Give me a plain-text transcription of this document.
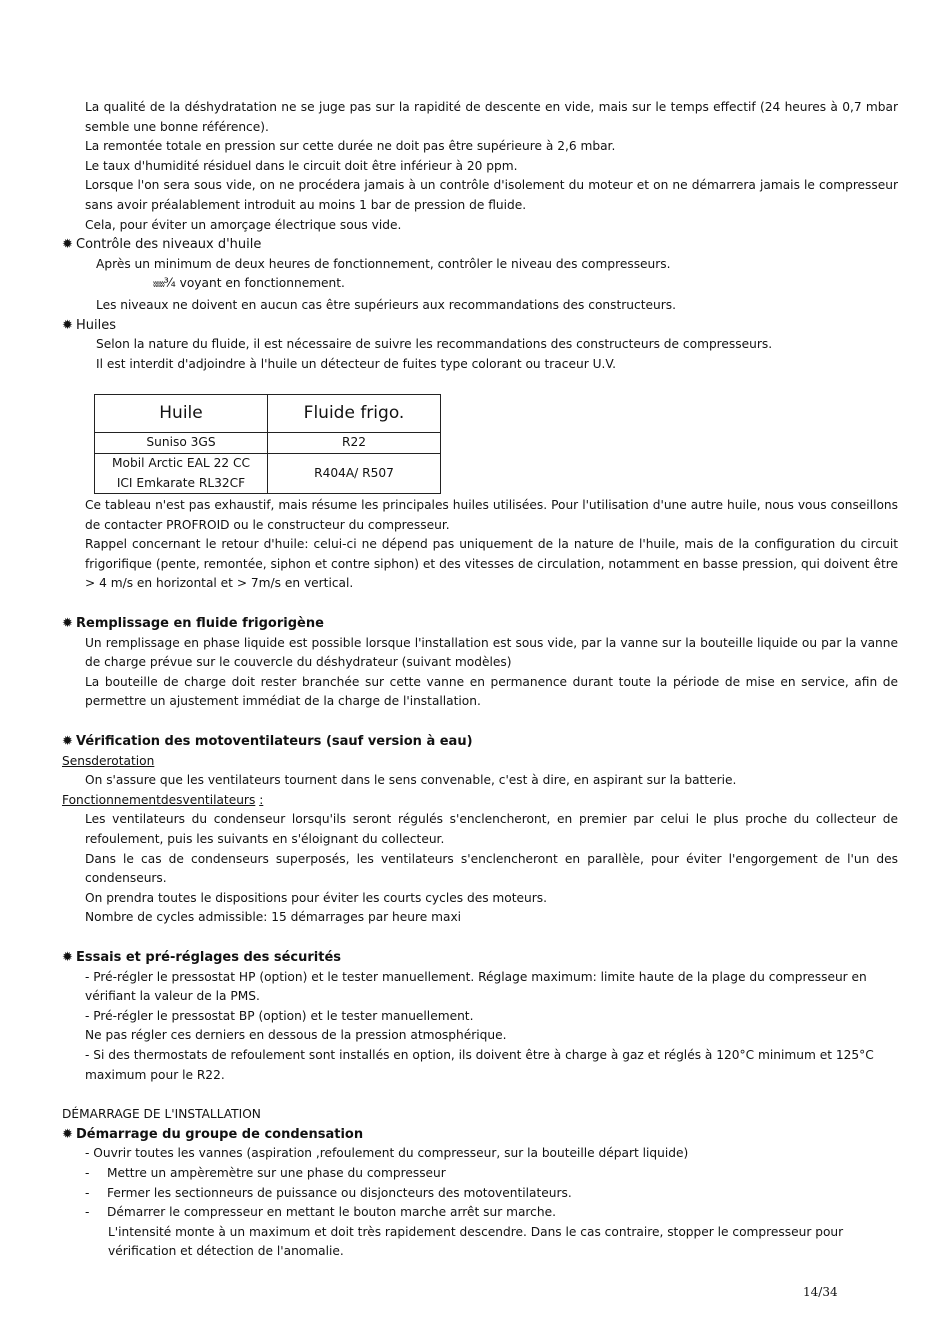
La qualité de la déshydratation ne se juge pas sur la rapidité de descente en vide, mais sur le temps effectif (24 heures à 0,7 mbar semble une bonne référence).
La remontée totale en pression sur cette durée ne doit pas être supérieure à 2,6 mbar.
Le taux d'humidité résiduel dans le circuit doit être inférieur à 20 ppm.
Lorsque l'on sera sous vide, on ne procédera jamais à un contrôle d'isolement du moteur et on ne démarrera jamais le compresseur sans avoir préalablement introduit au moins 1 bar de pression de fluide.
Cela, pour éviter un amorçage électrique sous vide.
✹ Contrôle des niveaux d'huile
Après un minimum de deux heures de fonctionnement, contrôler le niveau des compresseurs.
ʬʬʬ¾ voyant en fonctionnement.
Les niveaux ne doivent en aucun cas être supérieurs aux recommandations des constructeurs.
✹ Huiles
Selon la nature du fluide, il est nécessaire de suivre les recommandations des constructeurs de compresseurs.
Il est interdit d'adjoindre à l'huile un détecteur de fuites type colorant ou traceur U.V.
Huile	Fluide frigo.
Suniso 3GS	R22

Mobil Arctic EAL 22 CC
ICI Emkarate RL32CF	R404A/ R507
Ce tableau n'est pas exhaustif, mais résume les principales huiles utilisées. Pour l'utilisation d'une autre huile, nous vous conseillons de contacter PROFROID ou le constructeur du compresseur.
Rappel concernant le retour d'huile: celui-ci ne dépend pas uniquement de la nature de l'huile, mais de la configuration du circuit frigorifique (pente, remontée, siphon et contre siphon) et des vitesses de circulation, notamment en basse pression, qui doivent être > 4 m/s en horizontal et > 7m/s en vertical.
✹ Remplissage en fluide frigorigène
Un remplissage en phase liquide est possible lorsque l'installation est sous vide, par la vanne sur la bouteille liquide ou par la vanne de charge prévue sur le couvercle du déshydrateur (suivant modèles)
La bouteille de charge doit rester branchée sur cette vanne en permanence durant toute la période de mise en service, afin de permettre un ajustement immédiat de la charge de l'installation.
✹ Vérification des motoventilateurs (sauf version à eau)
Sensderotation
On s'assure que les ventilateurs tournent dans le sens convenable, c'est à dire, en aspirant sur la batterie.
Fonctionnementdesventilateurs :
Les ventilateurs du condenseur lorsqu'ils seront régulés s'enclencheront, en premier par celui le plus proche du collecteur de refoulement, puis les suivants en s'éloignant du collecteur.
Dans le cas de condenseurs superposés, les ventilateurs s'enclencheront en parallèle, pour éviter l'engorgement de l'un des condenseurs.
On prendra toutes le dispositions pour éviter les courts cycles des moteurs.
Nombre de cycles admissible: 15 démarrages par heure maxi
✹ Essais et pré-réglages des sécurités
- Pré-régler le pressostat HP (option) et le tester manuellement. Réglage maximum: limite haute de la plage du compresseur en vérifiant la valeur de la PMS.
- Pré-régler le pressostat BP (option) et le tester manuellement.
Ne pas régler ces derniers en dessous de la pression atmosphérique.
- Si des thermostats de refoulement sont installés en option, ils doivent être à charge à gaz et réglés à 120°C minimum et 125°C maximum pour le R22.
DÉMARRAGE DE L'INSTALLATION
✹ Démarrage du groupe de condensation
- Ouvrir toutes les vannes (aspiration ,refoulement du compresseur, sur la bouteille départ liquide)
- Mettre un ampèremètre sur une phase du compresseur
- Fermer les sectionneurs de puissance ou disjoncteurs des motoventilateurs.
- Démarrer le compresseur en mettant le bouton marche arrêt sur marche.
L'intensité monte à un maximum et doit très rapidement descendre. Dans le cas contraire, stopper le compresseur pour vérification et détection de l'anomalie.
14/34
